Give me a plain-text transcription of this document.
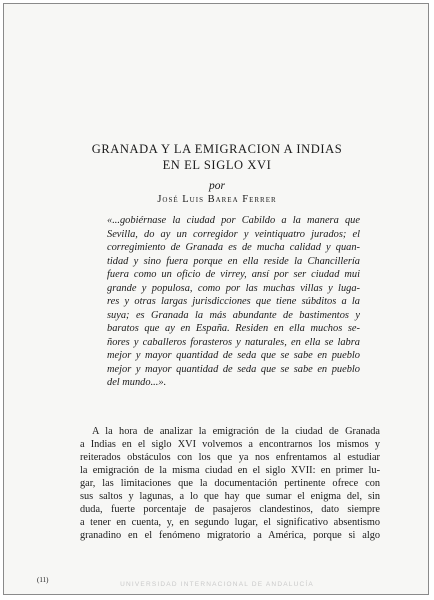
GRANADA Y LA EMIGRACION A INDIAS
EN EL SIGLO XVI
por
José Luis Barea Ferrer
«...gobiérnase la ciudad por Cabildo a la manera que
Sevilla, do ay un corregidor y veintiquatro jurados; el
corregimiento de Granada es de mucha calidad y quan-
tidad y sino fuera porque en ella reside la Chancillería
fuera como un oficio de virrey, ansí por ser ciudad mui
grande y populosa, como por las muchas villas y luga-
res y otras largas jurisdicciones que tiene súbditos a la
suya; es Granada la más abundante de bastimentos y
baratos que ay en España. Residen en ella muchos se-
ñores y caballeros forasteros y naturales, en ella se labra
mejor y mayor quantidad de seda que se sabe en pueblo
mejor y mayor quantidad de seda que se sabe en pueblo
del mundo...».
A la hora de analizar la emigración de la ciudad de Granada
a Indias en el siglo XVI volvemos a encontrarnos los mismos y
reiterados obstáculos con los que ya nos enfrentamos al estudiar
la emigración de la misma ciudad en el siglo XVII: en primer lu-
gar, las limitaciones que la documentación pertinente ofrece con
sus saltos y lagunas, a lo que hay que sumar el enigma del, sin
duda, fuerte porcentaje de pasajeros clandestinos, dato siempre
a tener en cuenta, y, en segundo lugar, el significativo absentismo
granadino en el fenómeno migratorio a América, porque si algo
(11)
UNIVERSIDAD INTERNACIONAL DE ANDALUCÍA
